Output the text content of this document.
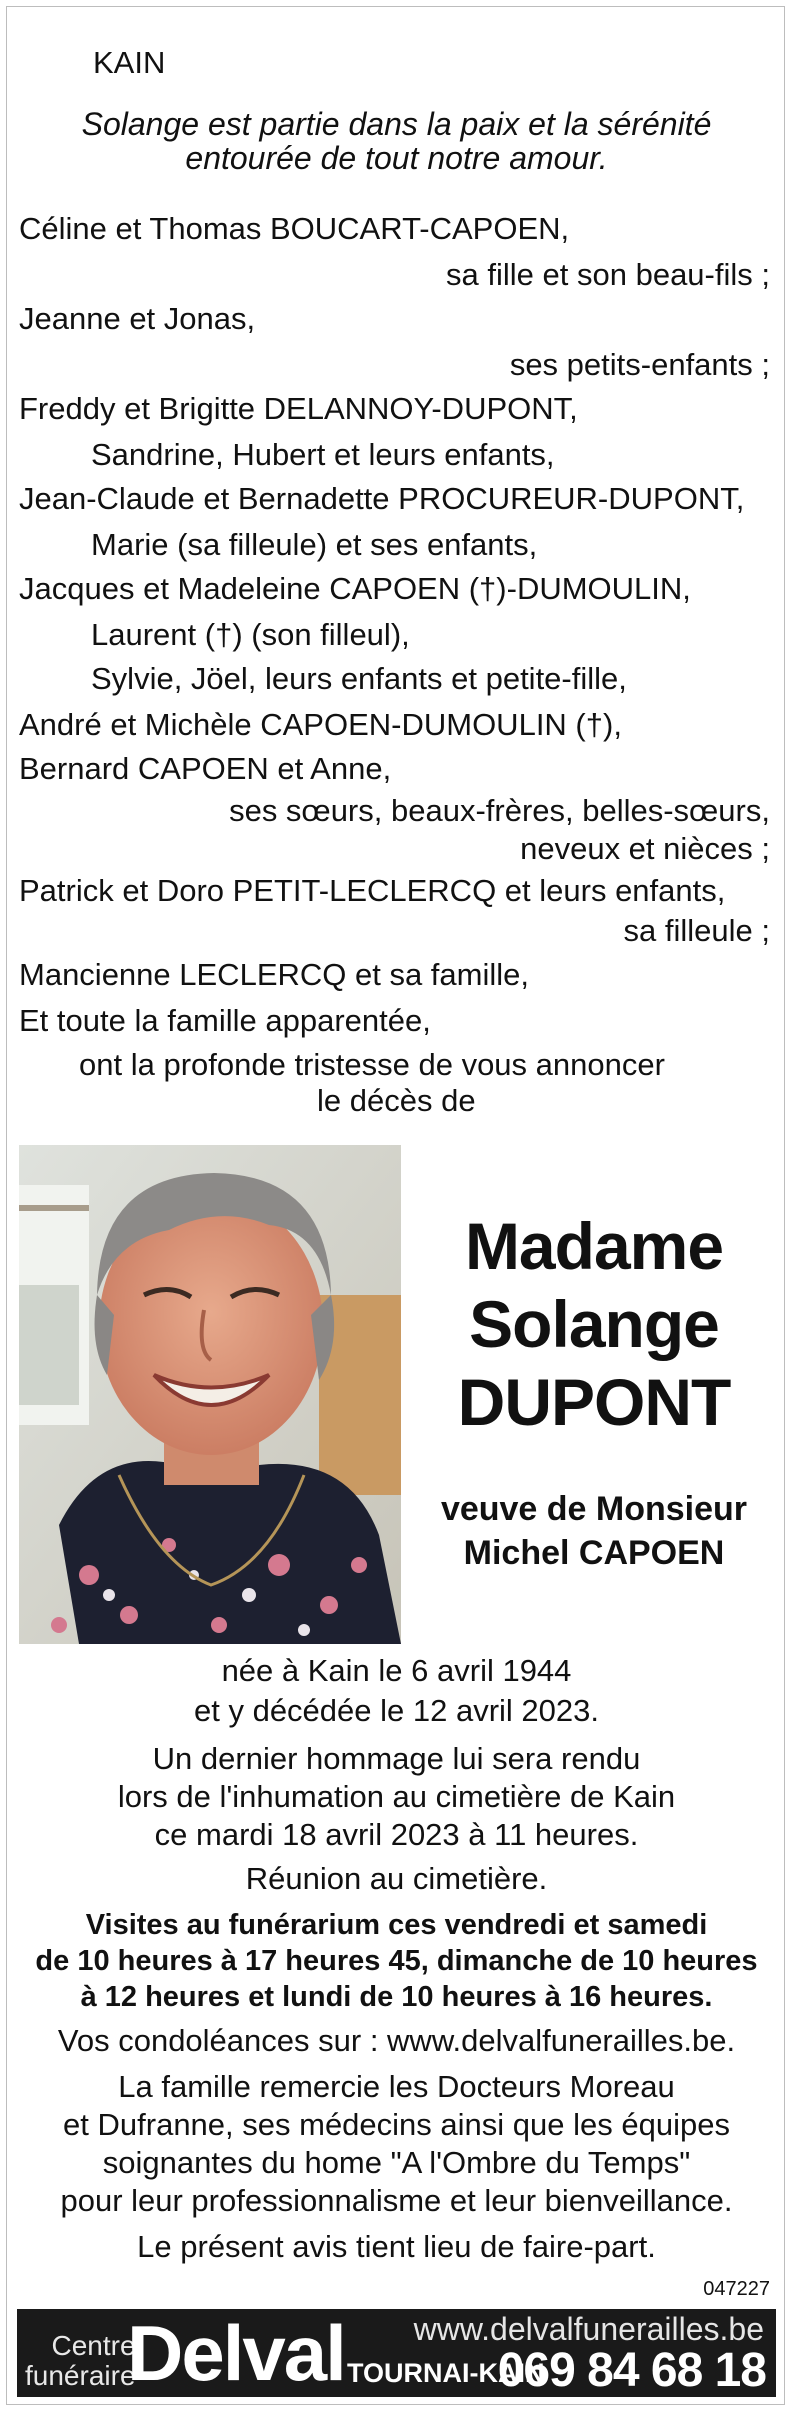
KAIN
Solange est partie dans la paix et la sérénité
entourée de tout notre amour.
Céline et Thomas BOUCART-CAPOEN,
sa fille et son beau-fils ;
Jeanne et Jonas,
ses petits-enfants ;
Freddy et Brigitte DELANNOY-DUPONT,
Sandrine, Hubert et leurs enfants,
Jean-Claude et Bernadette PROCUREUR-DUPONT,
Marie (sa filleule) et ses enfants,
Jacques et Madeleine CAPOEN (†)-DUMOULIN,
Laurent (†) (son filleul),
Sylvie, Jöel, leurs enfants et petite-fille,
André et Michèle CAPOEN-DUMOULIN (†),
Bernard CAPOEN et Anne,
ses sœurs, beaux-frères, belles-sœurs,
neveux et nièces ;
Patrick et Doro PETIT-LECLERCQ et leurs enfants,
sa filleule ;
Mancienne LECLERCQ et sa famille,
Et toute la famille apparentée,
ont la profonde tristesse de vous annoncer
le décès de
Madame
Solange
DUPONT
veuve de Monsieur
Michel CAPOEN
née à Kain le 6 avril 1944
et y décédée le 12 avril 2023.
Un dernier hommage lui sera rendu
lors de l'inhumation au cimetière de Kain
ce mardi 18 avril 2023 à 11 heures.
Réunion au cimetière.
Visites au funérarium ces vendredi et samedi
de 10 heures à 17 heures 45, dimanche de 10 heures
à 12 heures et lundi de 10 heures à 16 heures.
Vos condoléances sur : www.delvalfunerailles.be.
La famille remercie les Docteurs Moreau
et Dufranne, ses médecins ainsi que les équipes
soignantes du home "A l'Ombre du Temps"
pour leur professionnalisme et leur bienveillance.
Le présent avis tient lieu de faire-part.
047227
Centre
funéraire
Delval www.delvalfunerailles.be
TOURNAI-KAIN
069 84 68 18
